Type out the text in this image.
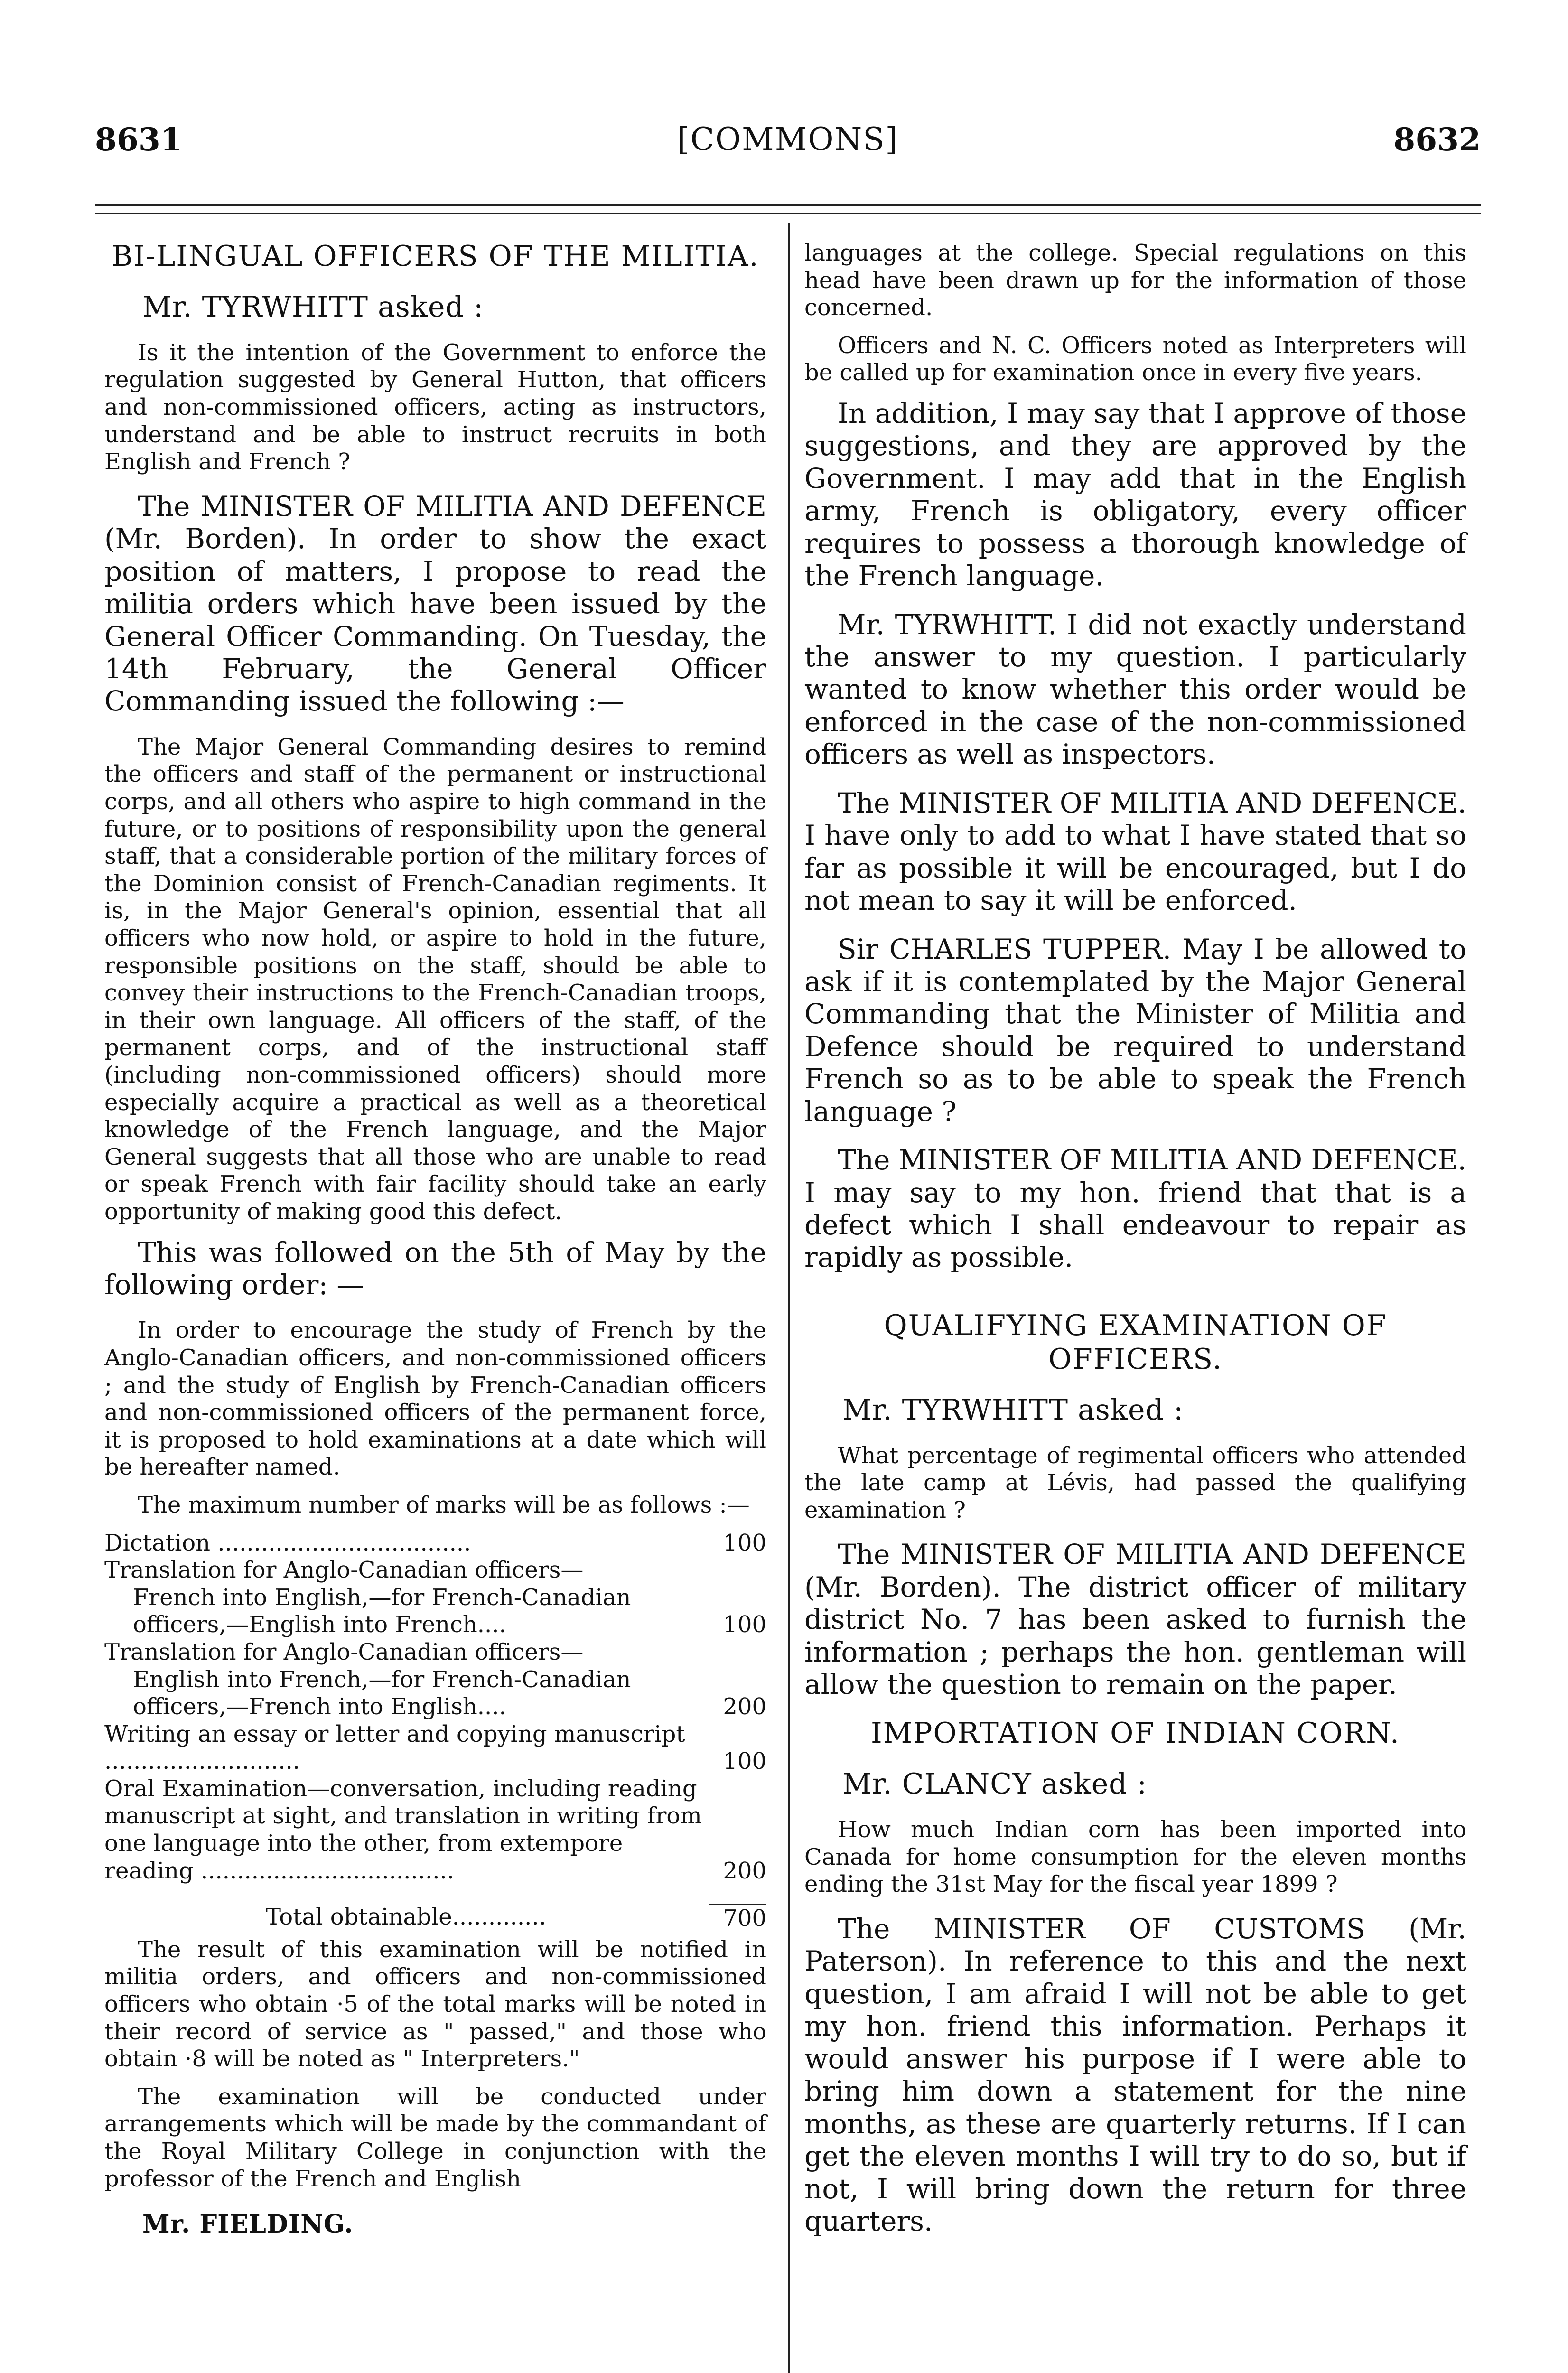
8631	[COMMONS]	8632
BI-LINGUAL OFFICERS OF THE MILITIA.
Mr. TYRWHITT asked :

Is it the intention of the Government to enforce the regulation suggested by General Hutton, that officers and non-commissioned officers, acting as instructors, understand and be able to instruct recruits in both English and French ?

The MINISTER OF MILITIA AND DEFENCE (Mr. Borden). In order to show the exact position of matters, I propose to read the militia orders which have been issued by the General Officer Commanding. On Tuesday, the 14th February, the General Officer Commanding issued the following :—

The Major General Commanding desires to remind the officers and staff of the permanent or instructional corps, and all others who aspire to high command in the future, or to positions of responsibility upon the general staff, that a considerable portion of the military forces of the Dominion consist of French-Canadian regiments. It is, in the Major General's opinion, essential that all officers who now hold, or aspire to hold in the future, responsible positions on the staff, should be able to convey their instructions to the French-Canadian troops, in their own language. All officers of the staff, of the permanent corps, and of the instructional staff (including non-commissioned officers) should more especially acquire a practical as well as a theoretical knowledge of the French language, and the Major General suggests that all those who are unable to read or speak French with fair facility should take an early opportunity of making good this defect.

This was followed on the 5th of May by the following order: —

In order to encourage the study of French by the Anglo-Canadian officers, and non-commissioned officers ; and the study of English by French-Canadian officers and non-commissioned officers of the permanent force, it is proposed to hold examinations at a date which will be hereafter named.

The maximum number of marks will be as follows :—

Dictation ...................................	100
Translation for Anglo-Canadian officers—
French into English,—for French-Canadian officers,—English into French....	100
Translation for Anglo-Canadian officers—
English into French,—for French-Canadian officers,—French into English....	200
Writing an essay or letter and copying manuscript ...........................	100
Oral Examination—conversation, including reading manuscript at sight, and translation in writing from one language into the other, from extempore reading ...................................	200
Total obtainable.............	700

The result of this examination will be notified in militia orders, and officers and non-commissioned officers who obtain ·5 of the total marks will be noted in their record of service as " passed," and those who obtain ·8 will be noted as " Interpreters."

The examination will be conducted under arrangements which will be made by the commandant of the Royal Military College in conjunction with the professor of the French and English

Mr. FIELDING.

languages at the college. Special regulations on this head have been drawn up for the information of those concerned.

Officers and N. C. Officers noted as Interpreters will be called up for examination once in every five years.

In addition, I may say that I approve of those suggestions, and they are approved by the Government. I may add that in the English army, French is obligatory, every officer requires to possess a thorough knowledge of the French language.

Mr. TYRWHITT. I did not exactly understand the answer to my question. I particularly wanted to know whether this order would be enforced in the case of the non-commissioned officers as well as inspectors.

The MINISTER OF MILITIA AND DEFENCE. I have only to add to what I have stated that so far as possible it will be encouraged, but I do not mean to say it will be enforced.

Sir CHARLES TUPPER. May I be allowed to ask if it is contemplated by the Major General Commanding that the Minister of Militia and Defence should be required to understand French so as to be able to speak the French language ?

The MINISTER OF MILITIA AND DEFENCE. I may say to my hon. friend that that is a defect which I shall endeavour to repair as rapidly as possible.

QUALIFYING EXAMINATION OF OFFICERS.
Mr. TYRWHITT asked :

What percentage of regimental officers who attended the late camp at Lévis, had passed the qualifying examination ?

The MINISTER OF MILITIA AND DEFENCE (Mr. Borden). The district officer of military district No. 7 has been asked to furnish the information ; perhaps the hon. gentleman will allow the question to remain on the paper.

IMPORTATION OF INDIAN CORN.
Mr. CLANCY asked :

How much Indian corn has been imported into Canada for home consumption for the eleven months ending the 31st May for the fiscal year 1899 ?

The MINISTER OF CUSTOMS (Mr. Paterson). In reference to this and the next question, I am afraid I will not be able to get my hon. friend this information. Perhaps it would answer his purpose if I were able to bring him down a statement for the nine months, as these are quarterly returns. If I can get the eleven months I will try to do so, but if not, I will bring down the return for three quarters.
